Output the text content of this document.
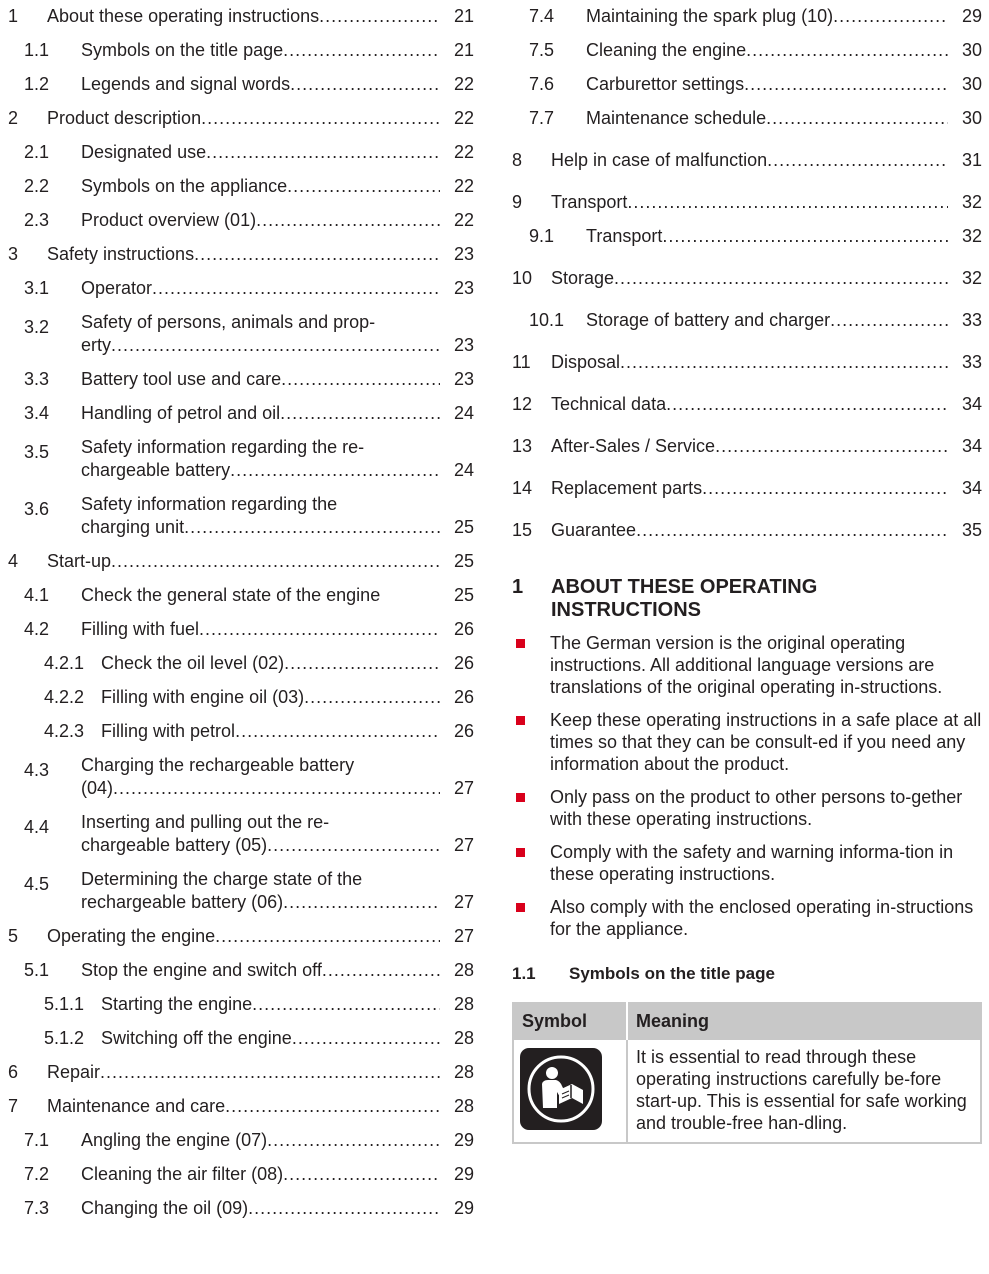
1	About these operating instructions .....	21
1.1	Symbols on the title page .....	21
1.2	Legends and signal words .....	22
2	Product description .....	22
2.1	Designated use .....	22
2.2	Symbols on the appliance .....	22
2.3	Product overview (01) .....	22
3	Safety instructions .....	23
3.1	Operator .....	23
3.2	Safety of persons, animals and prop-
erty .....	23
3.3	Battery tool use and care .....	23
3.4	Handling of petrol and oil .....	24
3.5	Safety information regarding the re-
chargeable battery .....	24
3.6	Safety information regarding the
charging unit .....	25
4	Start-up .....	25
4.1	Check the general state of the engine	25
4.2	Filling with fuel .....	26
4.2.1 Check the oil level (02) .....	26
4.2.2 Filling with engine oil (03) .....	26
4.2.3 Filling with petrol .....	26
4.3	Charging the rechargeable battery
(04) .....	27
4.4	Inserting and pulling out the re-
chargeable battery (05) .....	27
4.5	Determining the charge state of the
rechargeable battery (06) .....	27
5	Operating the engine .....	27
5.1	Stop the engine and switch off .....	28
5.1.1 Starting the engine .....	28
5.1.2 Switching off the engine .....	28
6	Repair .....	28
7	Maintenance and care .....	28
7.1	Angling the engine (07) .....	29
7.2	Cleaning the air filter (08) .....	29
7.3	Changing the oil (09) .....	29
7.4	Maintaining the spark plug (10) .....	29
7.5	Cleaning the engine .....	30
7.6	Carburettor settings .....	30
7.7	Maintenance schedule .....	30
8	Help in case of malfunction .....	31
9	Transport .....	32
9.1	Transport .....	32
10	Storage .....	32
10.1	Storage of battery and charger .....	33
11	Disposal .....	33
12	Technical data .....	34
13	After-Sales / Service .....	34
14	Replacement parts .....	34
15	Guarantee .....	35
1	ABOUT THESE OPERATING
INSTRUCTIONS
The German version is the original operating instructions. All additional language versions are translations of the original operating in-structions.
Keep these operating instructions in a safe place at all times so that they can be consult-ed if you need any information about the product.
Only pass on the product to other persons to-gether with these operating instructions.
Comply with the safety and warning informa-tion in these operating instructions.
Also comply with the enclosed operating in-structions for the appliance.
1.1	Symbols on the title page
Symbol	Meaning

	It is essential to read through these operating instructions carefully be-fore start-up. This is essential for safe working and trouble-free han-dling.
